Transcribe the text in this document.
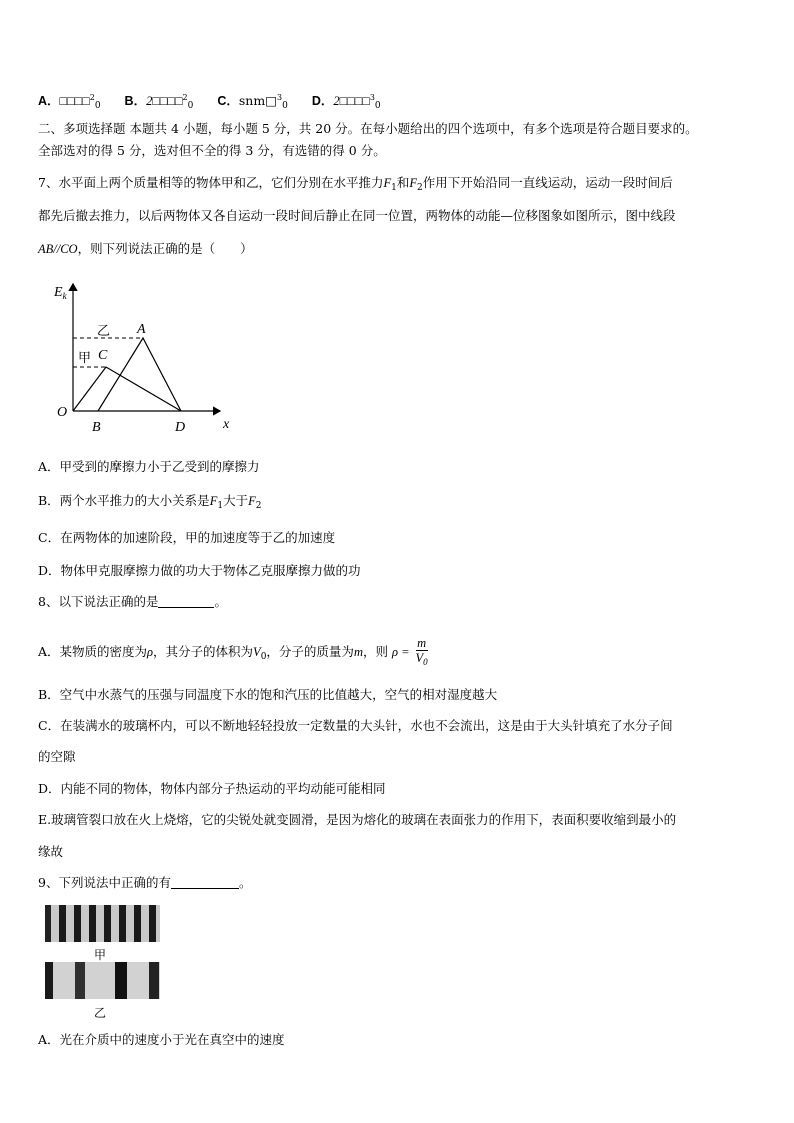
A．□□□□$^2_0$ B．2□□□□$^2_0$ C．snm□$^3_0$ D．2□□□□$^3_0$
二、多项选择题 本题共 4 小题，每小题 5 分，共 20 分。在每小题给出的四个选项中，有多个选项是符合题目要求的。
全部选对的得 5 分，选对但不全的得 3 分，有选错的得 0 分。
7、水平面上两个质量相等的物体甲和乙，它们分别在水平推力$F_1$和$F_2$作用下开始沿同一直线运动，运动一段时间后
都先后撤去推力，以后两物体又各自运动一段时间后静止在同一位置，两物体的动能—位移图象如图所示，图中线段
AB//CO，则下列说法正确的是（　　）
$E_k$
x
O
A
B
C
D
乙
甲
A．甲受到的摩擦力小于乙受到的摩擦力
B．两个水平推力的大小关系是$F_1$大于$F_2$
C．在两物体的加速阶段，甲的加速度等于乙的加速度
D．物体甲克服摩擦力做的功大于物体乙克服摩擦力做的功
8、以下说法正确的是	。
A．某物质的密度为ρ，其分子的体积为$V_0$，分子的质量为m，则 $\rho = \frac{m}{V_0}$
B．空气中水蒸气的压强与同温度下水的饱和汽压的比值越大，空气的相对湿度越大
C．在装满水的玻璃杯内，可以不断地轻轻投放一定数量的大头针，水也不会流出，这是由于大头针填充了水分子间
的空隙
D．内能不同的物体，物体内部分子热运动的平均动能可能相同
E.玻璃管裂口放在火上烧熔，它的尖锐处就变圆滑，是因为熔化的玻璃在表面张力的作用下，表面积要收缩到最小的
缘故
9、下列说法中正确的有	。
甲
乙
A．光在介质中的速度小于光在真空中的速度
